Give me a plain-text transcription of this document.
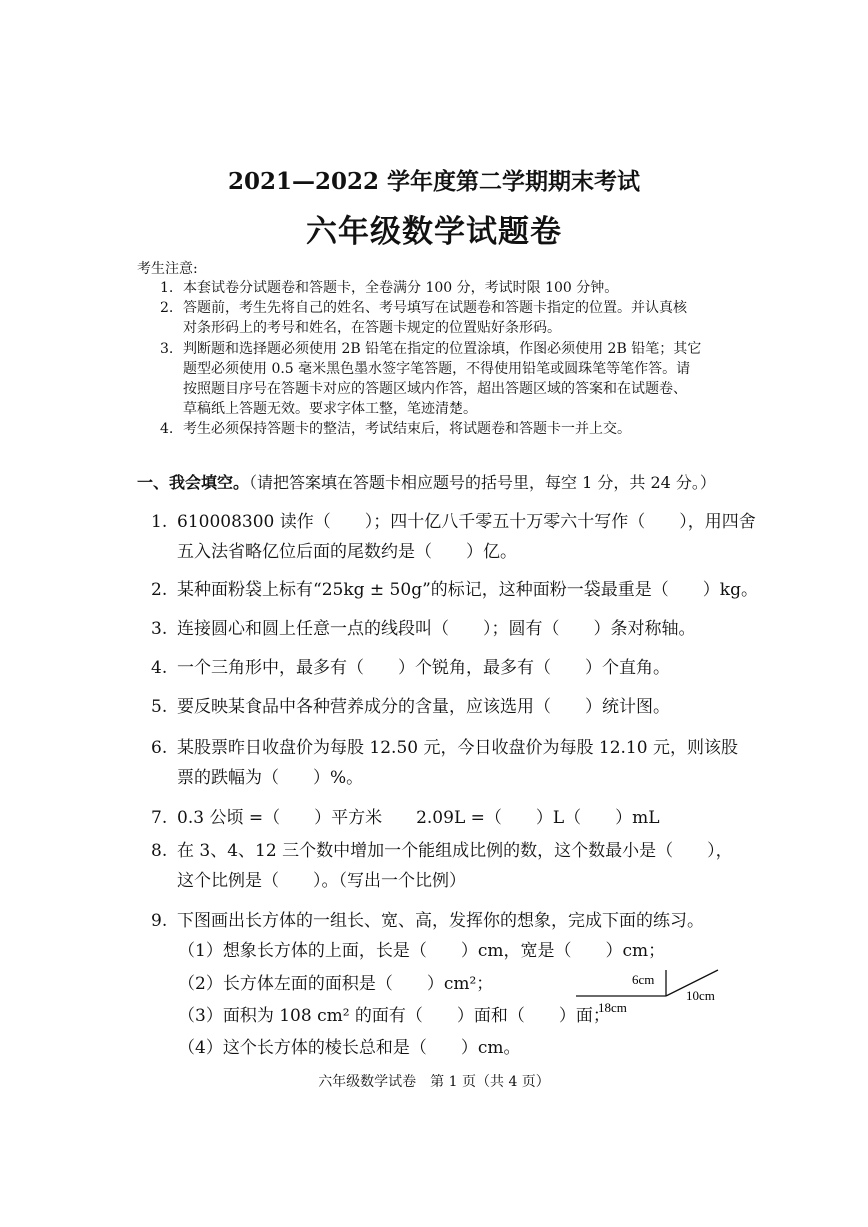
2021—2022 学年度第二学期期末考试
六年级数学试题卷
考生注意:
1. 本套试卷分试题卷和答题卡，全卷满分 100 分，考试时限 100 分钟。
2. 答题前，考生先将自己的姓名、考号填写在试题卷和答题卡指定的位置。并认真核
对条形码上的考号和姓名，在答题卡规定的位置贴好条形码。
3. 判断题和选择题必须使用 2B 铅笔在指定的位置涂填，作图必须使用 2B 铅笔；其它
题型必须使用 0.5 毫米黑色墨水签字笔答题，不得使用铅笔或圆珠笔等笔作答。请
按照题目序号在答题卡对应的答题区域内作答，超出答题区域的答案和在试题卷、
草稿纸上答题无效。要求字体工整，笔迹清楚。
4. 考生必须保持答题卡的整洁，考试结束后，将试题卷和答题卡一并上交。
一、我会填空。（请把答案填在答题卡相应题号的括号里，每空 1 分，共 24 分。）
1. 610008300 读作（　　）；四十亿八千零五十万零六十写作（　　），用四舍
五入法省略亿位后面的尾数约是（　　）亿。
2. 某种面粉袋上标有“25kg ± 50g”的标记，这种面粉一袋最重是（　　）kg。
3. 连接圆心和圆上任意一点的线段叫（　　）；圆有（　　）条对称轴。
4. 一个三角形中，最多有（　　）个锐角，最多有（　　）个直角。
5. 要反映某食品中各种营养成分的含量，应该选用（　　）统计图。
6. 某股票昨日收盘价为每股 12.50 元，今日收盘价为每股 12.10 元，则该股
票的跌幅为（　　）%。
7. 0.3 公顷 =（　　）平方米　　2.09L =（　　）L（　　）mL
8. 在 3、4、12 三个数中增加一个能组成比例的数，这个数最小是（　　），
这个比例是（　　）。（写出一个比例）
9. 下图画出长方体的一组长、宽、高，发挥你的想象，完成下面的练习。
（1）想象长方体的上面，长是（　　）cm，宽是（　　）cm；
（2）长方体左面的面积是（　　）cm²；
（3）面积为 108 cm² 的面有（　　）面和（　　）面；
（4）这个长方体的棱长总和是（　　）cm。
6cm
10cm
18cm
六年级数学试卷　第 1 页（共 4 页）
